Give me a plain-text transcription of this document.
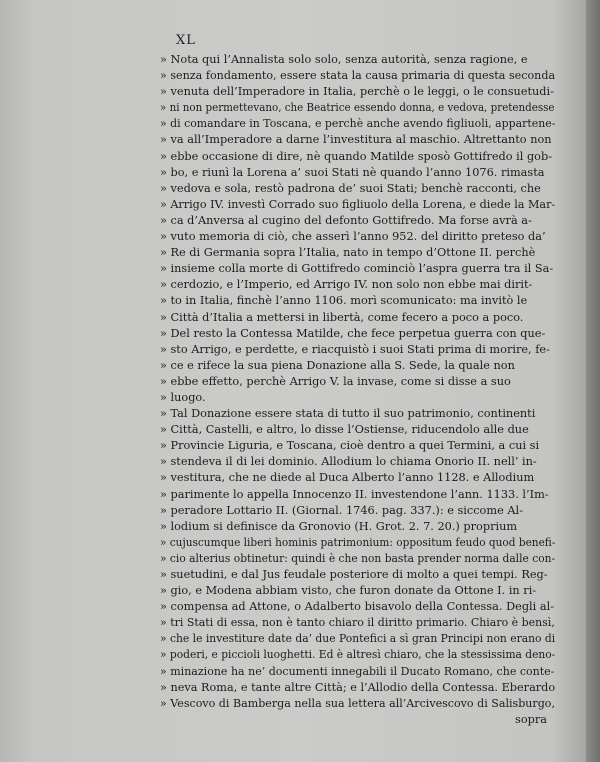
XL
» Nota qui l’Annalista solo solo, senza autorità, senza ragione, e
» senza fondamento, essere stata la causa primaria di questa seconda
» venuta dell’Imperadore in Italia, perchè o le leggi, o le consuetudi-
» ni non permettevano, che Beatrice essendo donna, e vedova, pretendesse
» di comandare in Toscana, e perchè anche avendo figliuoli, appartene-
» va all’Imperadore a darne l’investitura al maschio. Altrettanto non
» ebbe occasione di dire, nè quando Matilde sposò Gottifredo il gob-
» bo, e riunì la Lorena a’ suoi Stati nè quando l’anno 1076. rimasta
» vedova e sola, restò padrona de’ suoi Stati; benchè racconti, che
» Arrigo IV. investì Corrado suo figliuolo della Lorena, e diede la Mar-
» ca d’Anversa al cugino del defonto Gottifredo. Ma forse avrà a-
» vuto memoria di ciò, che asserì l’anno 952. del diritto preteso da’
» Re di Germania sopra l’Italia, nato in tempo d’Ottone II. perchè
» insieme colla morte di Gottifredo cominciò l’aspra guerra tra il Sa-
» cerdozio, e l’Imperio, ed Arrigo IV. non solo non ebbe mai dirit-
» to in Italia, finchè l’anno 1106. morì scomunicato: ma invitò le
» Città d’Italia a mettersi in libertà, come fecero a poco a poco.
» Del resto la Contessa Matilde, che fece perpetua guerra con que-
» sto Arrigo, e perdette, e riacquistò i suoi Stati prima di morire, fe-
» ce e rifece la sua piena Donazione alla S. Sede, la quale non
» ebbe effetto, perchè Arrigo V. la invase, come si disse a suo
» luogo.
» Tal Donazione essere stata di tutto il suo patrimonio, continenti
» Città, Castelli, e altro, lo disse l’Ostiense, riducendolo alle due
» Provincie Liguria, e Toscana, cioè dentro a quei Termini, a cui si
» stendeva il di lei dominio. Allodium lo chiama Onorio II. nell’ in-
» vestitura, che ne diede al Duca Alberto l’anno 1128. e Allodium
» parimente lo appella Innocenzo II. investendone l’ann. 1133. l’Im-
» peradore Lottario II. (Giornal. 1746. pag. 337.): e siccome Al-
» lodium si definisce da Gronovio (H. Grot. 2. 7. 20.) proprium
» cujuscumque liberi hominis patrimonium: oppositum feudo quod benefi-
» cio alterius obtinetur: quindi è che non basta prender norma dalle con-
» suetudini, e dal Jus feudale posteriore di molto a quei tempi. Reg-
» gio, e Modena abbiam visto, che furon donate da Ottone I. in ri-
» compensa ad Attone, o Adalberto bisavolo della Contessa. Degli al-
» tri Stati di essa, non è tanto chiaro il diritto primario. Chiaro è bensì,
» che le investiture date da’ due Pontefici a sì gran Principi non erano di
» poderi, e piccioli luoghetti. Ed è altresì chiaro, che la stessissima deno-
» minazione ha ne’ documenti innegabili il Ducato Romano, che conte-
» neva Roma, e tante altre Città; e l’Allodio della Contessa. Eberardo
» Vescovo di Bamberga nella sua lettera all’Arcivescovo di Salisburgo,
sopra
